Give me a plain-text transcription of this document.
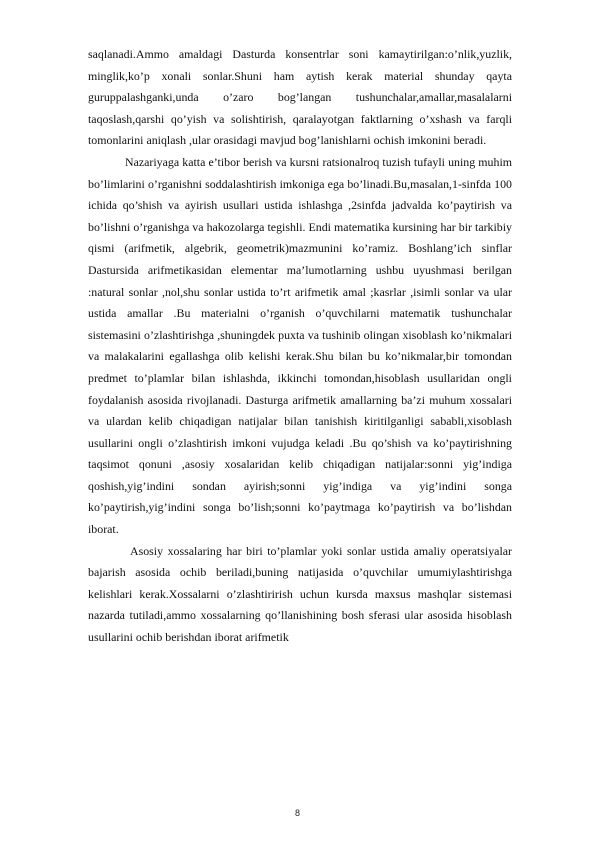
saqlanadi.Ammo amaldagi Dasturda konsentrlar soni kamaytirilgan:o’nlik,yuzlik, minglik,ko’p xonali sonlar.Shuni ham aytish kerak material shunday qayta guruppalashganki,unda o’zaro bog’langan tushunchalar,amallar,masalalarni taqoslash,qarshi qo’yish va solishtirish, qaralayotgan faktlarning o’xshash va farqli tomonlarini aniqlash ,ular orasidagi mavjud bog’lanishlarni ochish imkonini beradi.

Nazariyaga katta e’tibor berish va kursni ratsionalroq tuzish tufayli uning muhim bo’limlarini o’rganishni soddalashtirish imkoniga ega bo’linadi.Bu,masalan,1-sinfda 100 ichida qo’shish va ayirish usullari ustida ishlashga ,2sinfda jadvalda ko’paytirish va bo’lishni o’rganishga va hakozolarga tegishli. Endi matematika kursining har bir tarkibiy qismi (arifmetik, algebrik, geometrik)mazmunini ko’ramiz. Boshlang’ich sinflar Dastursida arifmetikasidan elementar ma’lumotlarning ushbu uyushmasi berilgan :natural sonlar ,nol,shu sonlar ustida to’rt arifmetik amal ;kasrlar ,isimli sonlar va ular ustida amallar .Bu materialni o’rganish o’quvchilarni matematik tushunchalar sistemasini o’zlashtirishga ,shuningdek puxta va tushinib olingan xisoblash ko’nikmalari va malakalarini egallashga olib kelishi kerak.Shu bilan bu ko’nikmalar,bir tomondan predmet to’plamlar bilan ishlashda, ikkinchi tomondan,hisoblash usullaridan ongli foydalanish asosida rivojlanadi. Dasturga arifmetik amallarning ba’zi muhum xossalari va ulardan kelib chiqadigan natijalar bilan tanishish kiritilganligi sababli,xisoblash usullarini ongli o’zlashtirish imkoni vujudga keladi .Bu qo’shish va ko’paytirishning taqsimot qonuni ,asosiy xosalaridan kelib chiqadigan natijalar:sonni yig’indiga qoshish,yig’indini sondan ayirish;sonni yig’indiga va yig’indini songa ko’paytirish,yig’indini songa bo’lish;sonni ko’paytmaga ko’paytirish va bo’lishdan iborat.

Asosiy xossalaring har biri to’plamlar yoki sonlar ustida amaliy operatsiyalar bajarish asosida ochib beriladi,buning natijasida o’quvchilar umumiylashtirishga kelishlari kerak.Xossalarni o’zlashtirirish uchun kursda maxsus mashqlar sistemasi nazarda tutiladi,ammo xossalarning qo’llanishining bosh sferasi ular asosida hisoblash usullarini ochib berishdan iborat arifmetik

8
